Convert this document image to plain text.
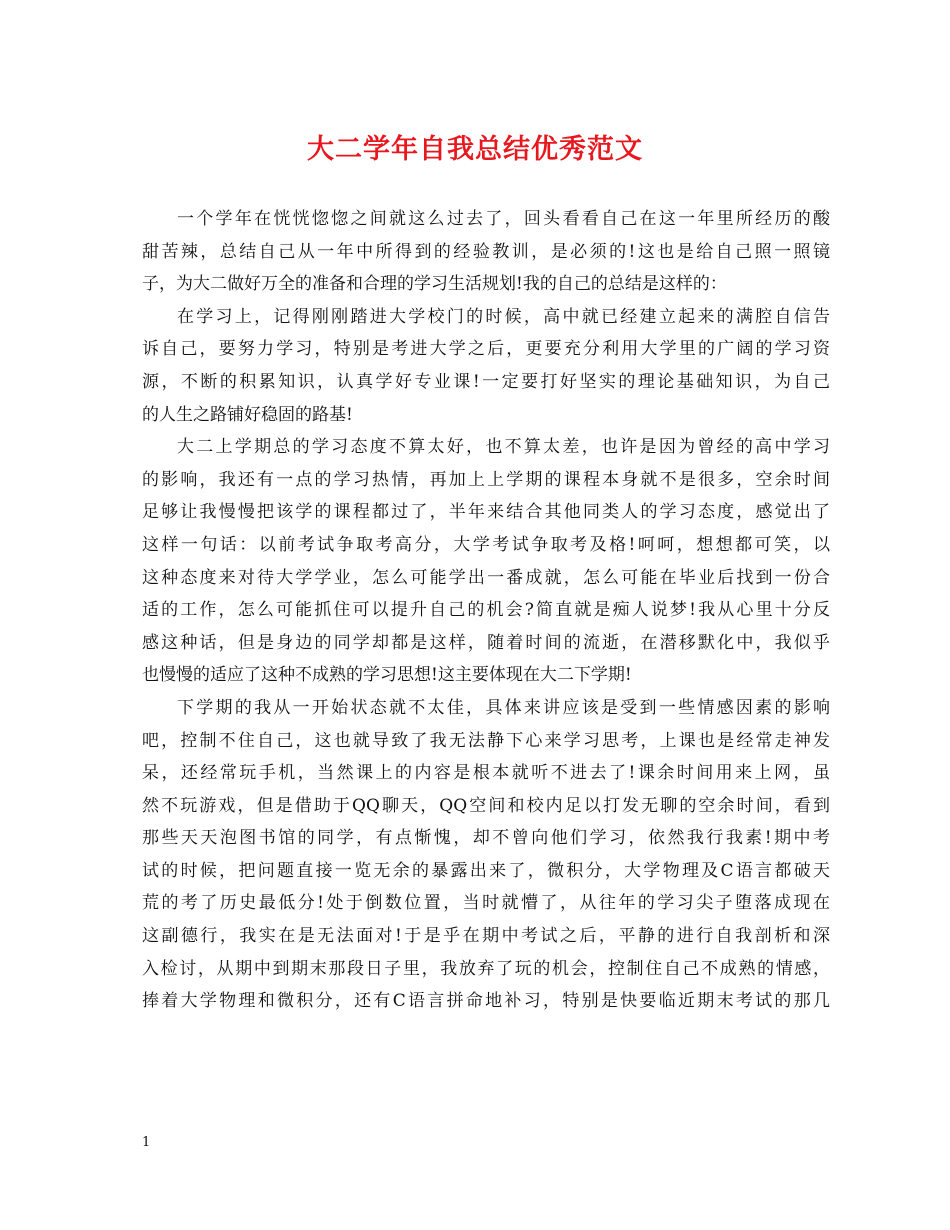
大二学年自我总结优秀范文
一个学年在恍恍惚惚之间就这么过去了，回头看看自己在这一年里所经历的酸
甜苦辣，总结自己从一年中所得到的经验教训，是必须的!这也是给自己照一照镜
子，为大二做好万全的准备和合理的学习生活规划!我的自己的总结是这样的：
在学习上，记得刚刚踏进大学校门的时候，高中就已经建立起来的满腔自信告
诉自己，要努力学习，特别是考进大学之后，更要充分利用大学里的广阔的学习资
源，不断的积累知识，认真学好专业课!一定要打好坚实的理论基础知识，为自己
的人生之路铺好稳固的路基!
大二上学期总的学习态度不算太好，也不算太差，也许是因为曾经的高中学习
的影响，我还有一点的学习热情，再加上上学期的课程本身就不是很多，空余时间
足够让我慢慢把该学的课程都过了，半年来结合其他同类人的学习态度，感觉出了
这样一句话：以前考试争取考高分，大学考试争取考及格!呵呵，想想都可笑，以
这种态度来对待大学学业，怎么可能学出一番成就，怎么可能在毕业后找到一份合
适的工作，怎么可能抓住可以提升自己的机会?简直就是痴人说梦!我从心里十分反
感这种话，但是身边的同学却都是这样，随着时间的流逝，在潜移默化中，我似乎
也慢慢的适应了这种不成熟的学习思想!这主要体现在大二下学期!
下学期的我从一开始状态就不太佳，具体来讲应该是受到一些情感因素的影响
吧，控制不住自己，这也就导致了我无法静下心来学习思考，上课也是经常走神发
呆，还经常玩手机，当然课上的内容是根本就听不进去了!课余时间用来上网，虽
然不玩游戏，但是借助于QQ聊天，QQ空间和校内足以打发无聊的空余时间，看到
那些天天泡图书馆的同学，有点惭愧，却不曾向他们学习，依然我行我素!期中考
试的时候，把问题直接一览无余的暴露出来了，微积分，大学物理及C语言都破天
荒的考了历史最低分!处于倒数位置，当时就懵了，从往年的学习尖子堕落成现在
这副德行，我实在是无法面对!于是乎在期中考试之后，平静的进行自我剖析和深
入检讨，从期中到期末那段日子里，我放弃了玩的机会，控制住自己不成熟的情感，
捧着大学物理和微积分，还有C语言拼命地补习，特别是快要临近期末考试的那几
1
